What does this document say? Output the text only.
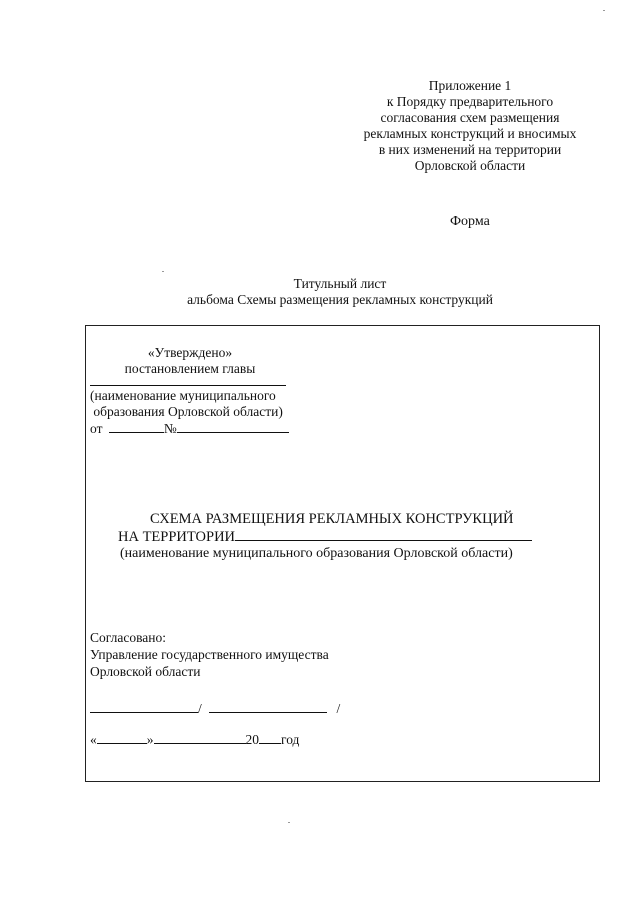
Приложение 1
к Порядку предварительного
согласования схем размещения
рекламных конструкций и вносимых
в них изменений на территории
Орловской области
Форма
Титульный лист
альбома Схемы размещения рекламных конструкций
«Утверждено»
постановлением главы
(наименование муниципального
образования Орловской области)
от	№
СХЕМА РАЗМЕЩЕНИЯ РЕКЛАМНЫХ КОНСТРУКЦИЙ
НА ТЕРРИТОРИИ
(наименование муниципального образования Орловской области)
Согласовано:
Управление государственного имущества
Орловской области
/	/
«	»	20 год
